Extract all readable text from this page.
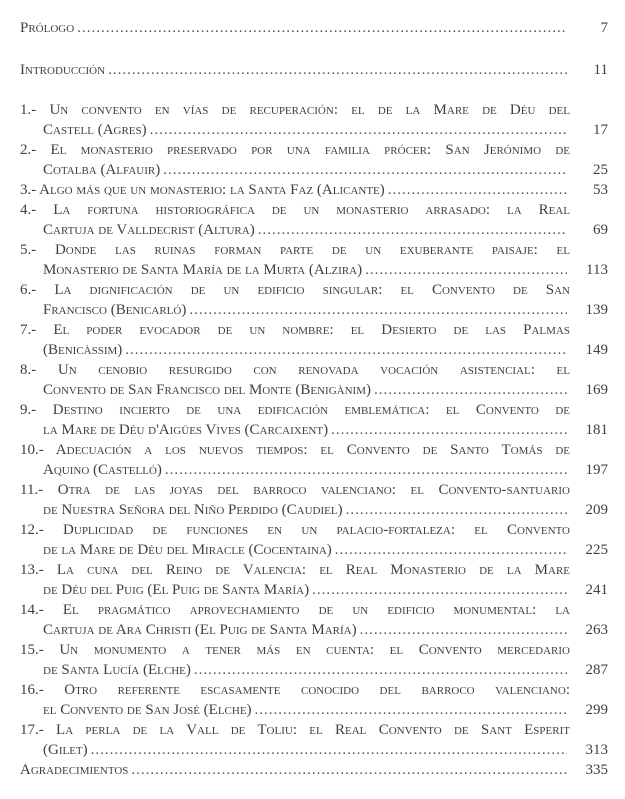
Prólogo .....	7
Introducción .....	11
1.- Un convento en vías de recuperación: el de la Mare de Déu del
Castell (Agres) .....	17
2.- El monasterio preservado por una familia prócer: San Jerónimo de
Cotalba (Alfauir) .....	25
3.- Algo más que un monasterio: la Santa Faz (Alicante) .....	53
4.- La fortuna historiográfica de un monasterio arrasado: la Real
Cartuja de Valldecrist (Altura) .....	69
5.- Donde las ruinas forman parte de un exuberante paisaje: el
Monasterio de Santa María de la Murta (Alzira) .....	113
6.- La dignificación de un edificio singular: el Convento de San
Francisco (Benicarló) .....	139
7.- El poder evocador de un nombre: el Desierto de las Palmas
(Benicàssim) .....	149
8.- Un cenobio resurgido con renovada vocación asistencial: el
Convento de San Francisco del Monte (Benigànim) .....	169
9.- Destino incierto de una edificación emblemática: el Convento de
la Mare de Déu d'Aigües Vives (Carcaixent) .....	181
10.- Adecuación a los nuevos tiempos: el Convento de Santo Tomás de
Aquino (Castelló) .....	197
11.- Otra de las joyas del barroco valenciano: el Convento-santuario
de Nuestra Señora del Niño Perdido (Caudiel) .....	209
12.- Duplicidad de funciones en un palacio-fortaleza: el Convento
de la Mare de Déu del Miracle (Cocentaina) .....	225
13.- La cuna del Reino de Valencia: el Real Monasterio de la Mare
de Déu del Puig (El Puig de Santa María) .....	241
14.- El pragmático aprovechamiento de un edificio monumental: la
Cartuja de Ara Christi (El Puig de Santa María) .....	263
15.- Un monumento a tener más en cuenta: el Convento mercedario
de Santa Lucía (Elche) .....	287
16.- Otro referente escasamente conocido del barroco valenciano:
el Convento de San José (Elche) .....	299
17.- La perla de la Vall de Toliu: el Real Convento de Sant Esperit
(Gilet) .....	313
Agradecimientos .....	335
